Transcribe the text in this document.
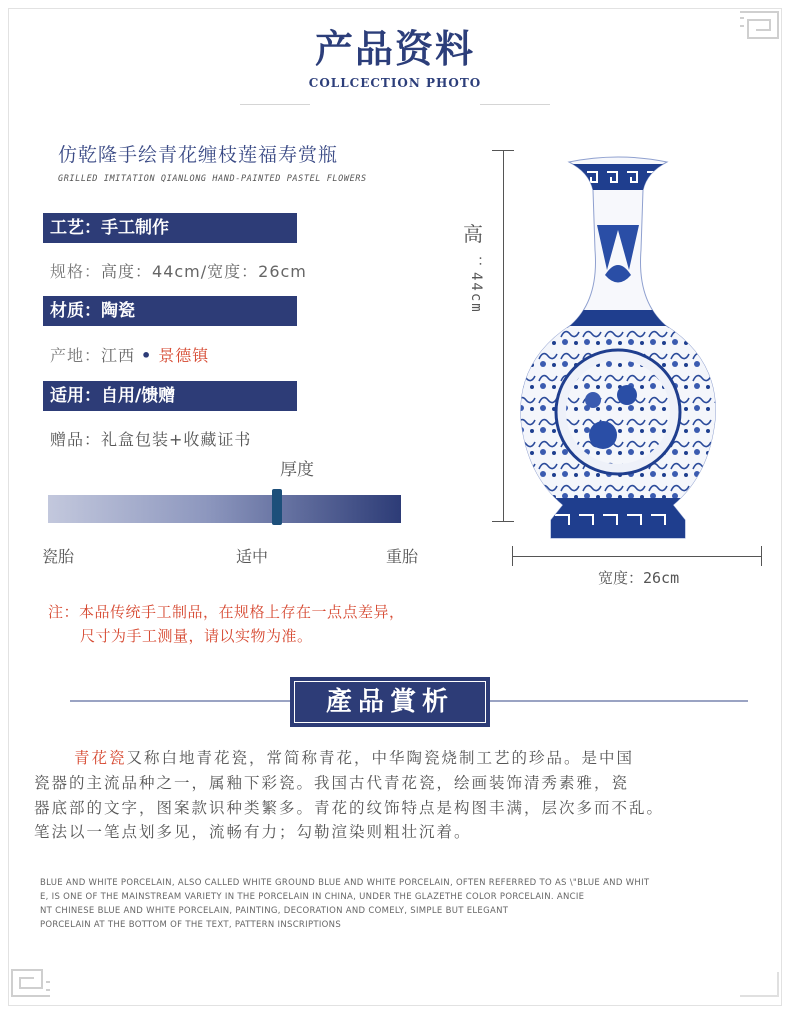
产品资料
COLLCECTION PHOTO
仿乾隆手绘青花缠枝莲福寿赏瓶
GRILLED IMITATION QIANLONG HAND-PAINTED PASTEL FLOWERS
工艺：手工制作
规格：高度：44cm/宽度：26cm
材质：陶瓷
产地：江西 • 景德镇
适用：自用/馈赠
赠品：礼盒包装+收藏证书
厚度
瓷胎	适中	重胎
注：本品传统手工制品，在规格上存在一点点差异，
尺寸为手工测量，请以实物为准。
高
：44cm
宽度：26cm
產品賞析
青花瓷又称白地青花瓷，常简称青花，中华陶瓷烧制工艺的珍品。是中国
瓷器的主流品种之一，属釉下彩瓷。我国古代青花瓷，绘画装饰清秀素雅，瓷
器底部的文字，图案款识种类繁多。青花的纹饰特点是构图丰满，层次多而不乱。
笔法以一笔点划多见，流畅有力；勾勒渲染则粗壮沉着。
BLUE AND WHITE PORCELAIN, ALSO CALLED WHITE GROUND BLUE AND WHITE PORCELAIN, OFTEN REFERRED TO AS \"BLUE AND WHIT
E, IS ONE OF THE MAINSTREAM VARIETY IN THE PORCELAIN IN CHINA, UNDER THE GLAZETHE COLOR PORCELAIN. ANCIE
NT CHINESE BLUE AND WHITE PORCELAIN, PAINTING, DECORATION AND COMELY, SIMPLE BUT ELEGANT
PORCELAIN AT THE BOTTOM OF THE TEXT, PATTERN INSCRIPTIONS
